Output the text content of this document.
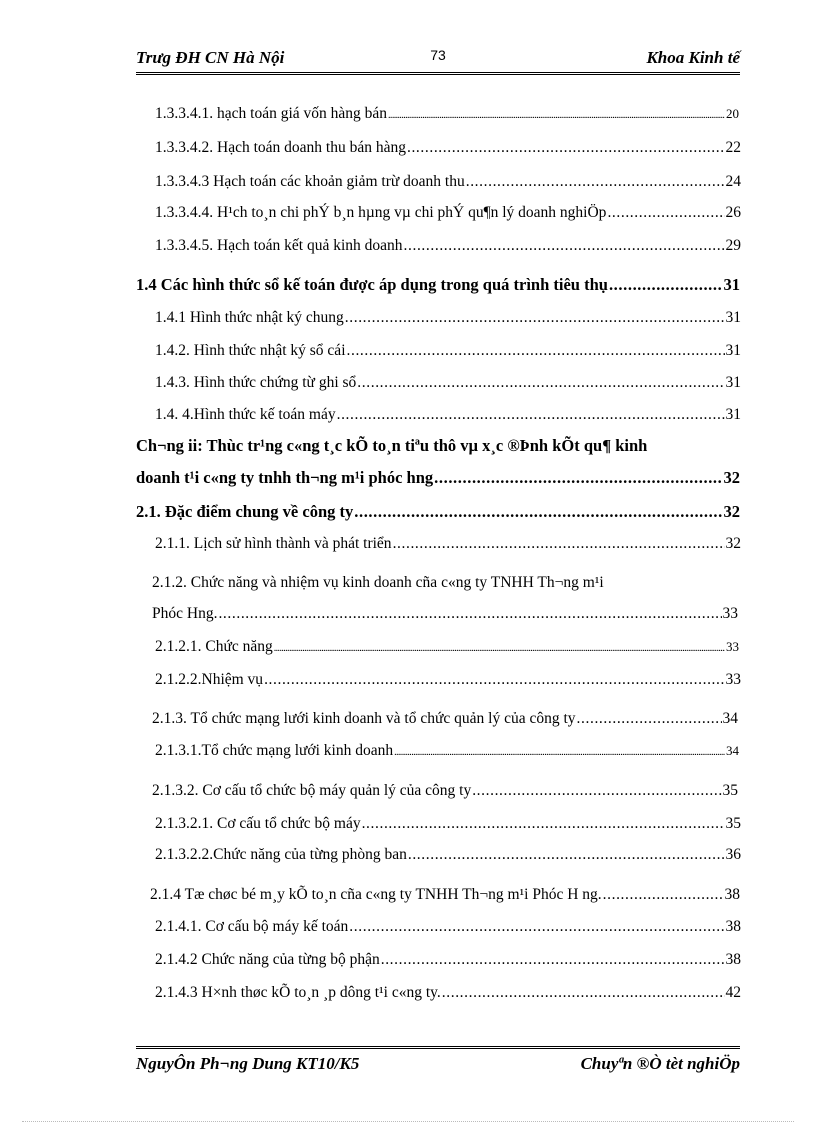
Trưg ĐH CN Hà Nội	73	Khoa Kinh tế
1.3.3.4.1. hạch toán giá vốn hàng bán .....	20
1.3.3.4.2. Hạch toán doanh thu bán hàng .....	22
1.3.3.4.3 Hạch toán các khoản giảm trừ doanh thu .....	24
1.3.3.4.4. H¹ch to¸n chi phÝ b¸n hµng vµ chi phÝ qu¶n lý doanh nghiÖp .....	26
1.3.3.4.5. Hạch toán kết quả kinh doanh .....	29
1.4 Các hình thức sổ kế toán được áp dụng trong quá trình tiêu thụ .....	31
1.4.1 Hình thức nhật ký chung .....	31
1.4.2. Hình thức nhật ký sổ cái .....	31
1.4.3. Hình thức chứng từ ghi sổ .....	31
1.4. 4.Hình thức kế toán máy .....	31
Ch¬ng ii: Thùc tr¹ng c«ng t¸c kÕ to¸n tiªu thô vµ x¸c ®Þnh kÕt qu¶ kinh
doanh t¹i c«ng ty tnhh th¬ng m¹i phóc hng .....	32
2.1. Đặc điểm chung về công ty .....	32
2.1.1. Lịch sử hình thành và phát triển .....	32
2.1.2. Chức năng và nhiệm vụ kinh doanh cña c«ng ty TNHH Th¬ng m¹i
Phóc Hng. .....	33
2.1.2.1. Chức năng .....	33
2.1.2.2.Nhiệm vụ .....	33
2.1.3. Tổ chức mạng lưới kinh doanh và tổ chức quản lý của công ty .....	34
2.1.3.1.Tổ chức mạng lưới kinh doanh .....	34
2.1.3.2. Cơ cấu tổ chức bộ máy quản lý của công ty .....	35
2.1.3.2.1. Cơ cấu tổ chức bộ máy .....	35
2.1.3.2.2.Chức năng của từng phòng ban .....	36
2.1.4 Tæ chøc bé m¸y kÕ to¸n cña c«ng ty TNHH Th¬ng m¹i Phóc H ng. .....	38
2.1.4.1. Cơ cấu bộ máy kế toán .....	38
2.1.4.2 Chức năng của từng bộ phận .....	38
2.1.4.3 H×nh thøc kÕ to¸n ¸p dông t¹i c«ng ty. .....	42
NguyÔn Ph¬ng Dung KT10/K5	Chuyªn ®Ò tèt nghiÖp
